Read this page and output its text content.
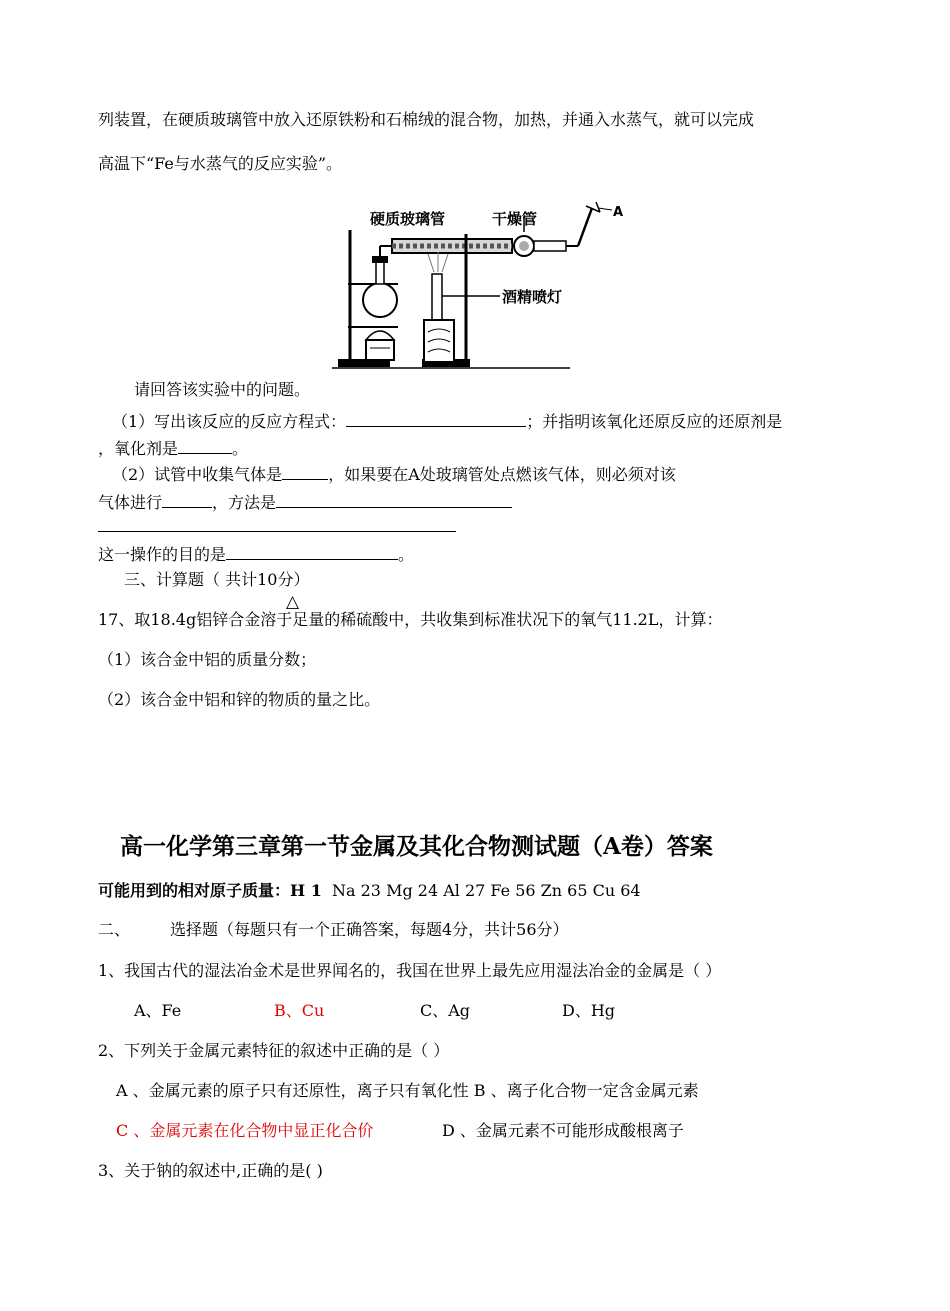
列装置，在硬质玻璃管中放入还原铁粉和石棉绒的混合物，加热，并通入水蒸气，就可以完成
高温下“Fe与水蒸气的反应实验”。
硬质玻璃管	干燥管	A
酒精喷灯
请回答该实验中的问题。
（1）写出该反应的反应方程式：	；并指明该氧化还原反应的还原剂是
，氧化剂是	。
（2）试管中收集气体是	，如果要在A处玻璃管处点燃该气体，则必须对该
气体进行	，方法是
这一操作的目的是	。
三、计算题（ 共计10分）
△
17、取18.4g铝锌合金溶于足量的稀硫酸中，共收集到标准状况下的氧气11.2L，计算：
（1）该合金中铝的质量分数；
（2）该合金中铝和锌的物质的量之比。
高一化学第三章第一节金属及其化合物测试题（A卷）答案
可能用到的相对原子质量：H 1 Na 23 Mg 24 Al 27 Fe 56 Zn 65 Cu 64
二、 选择题（每题只有一个正确答案，每题4分，共计56分）
1、我国古代的湿法冶金术是世界闻名的，我国在世界上最先应用湿法冶金的金属是（ ）
A、Fe	B、Cu	C、Ag	D、Hg
2、下列关于金属元素特征的叙述中正确的是（ ）
A 、金属元素的原子只有还原性，离子只有氧化性 B 、离子化合物一定含金属元素
C 、金属元素在化合物中显正化合价	D 、金属元素不可能形成酸根离子
3、关于钠的叙述中,正确的是( )
